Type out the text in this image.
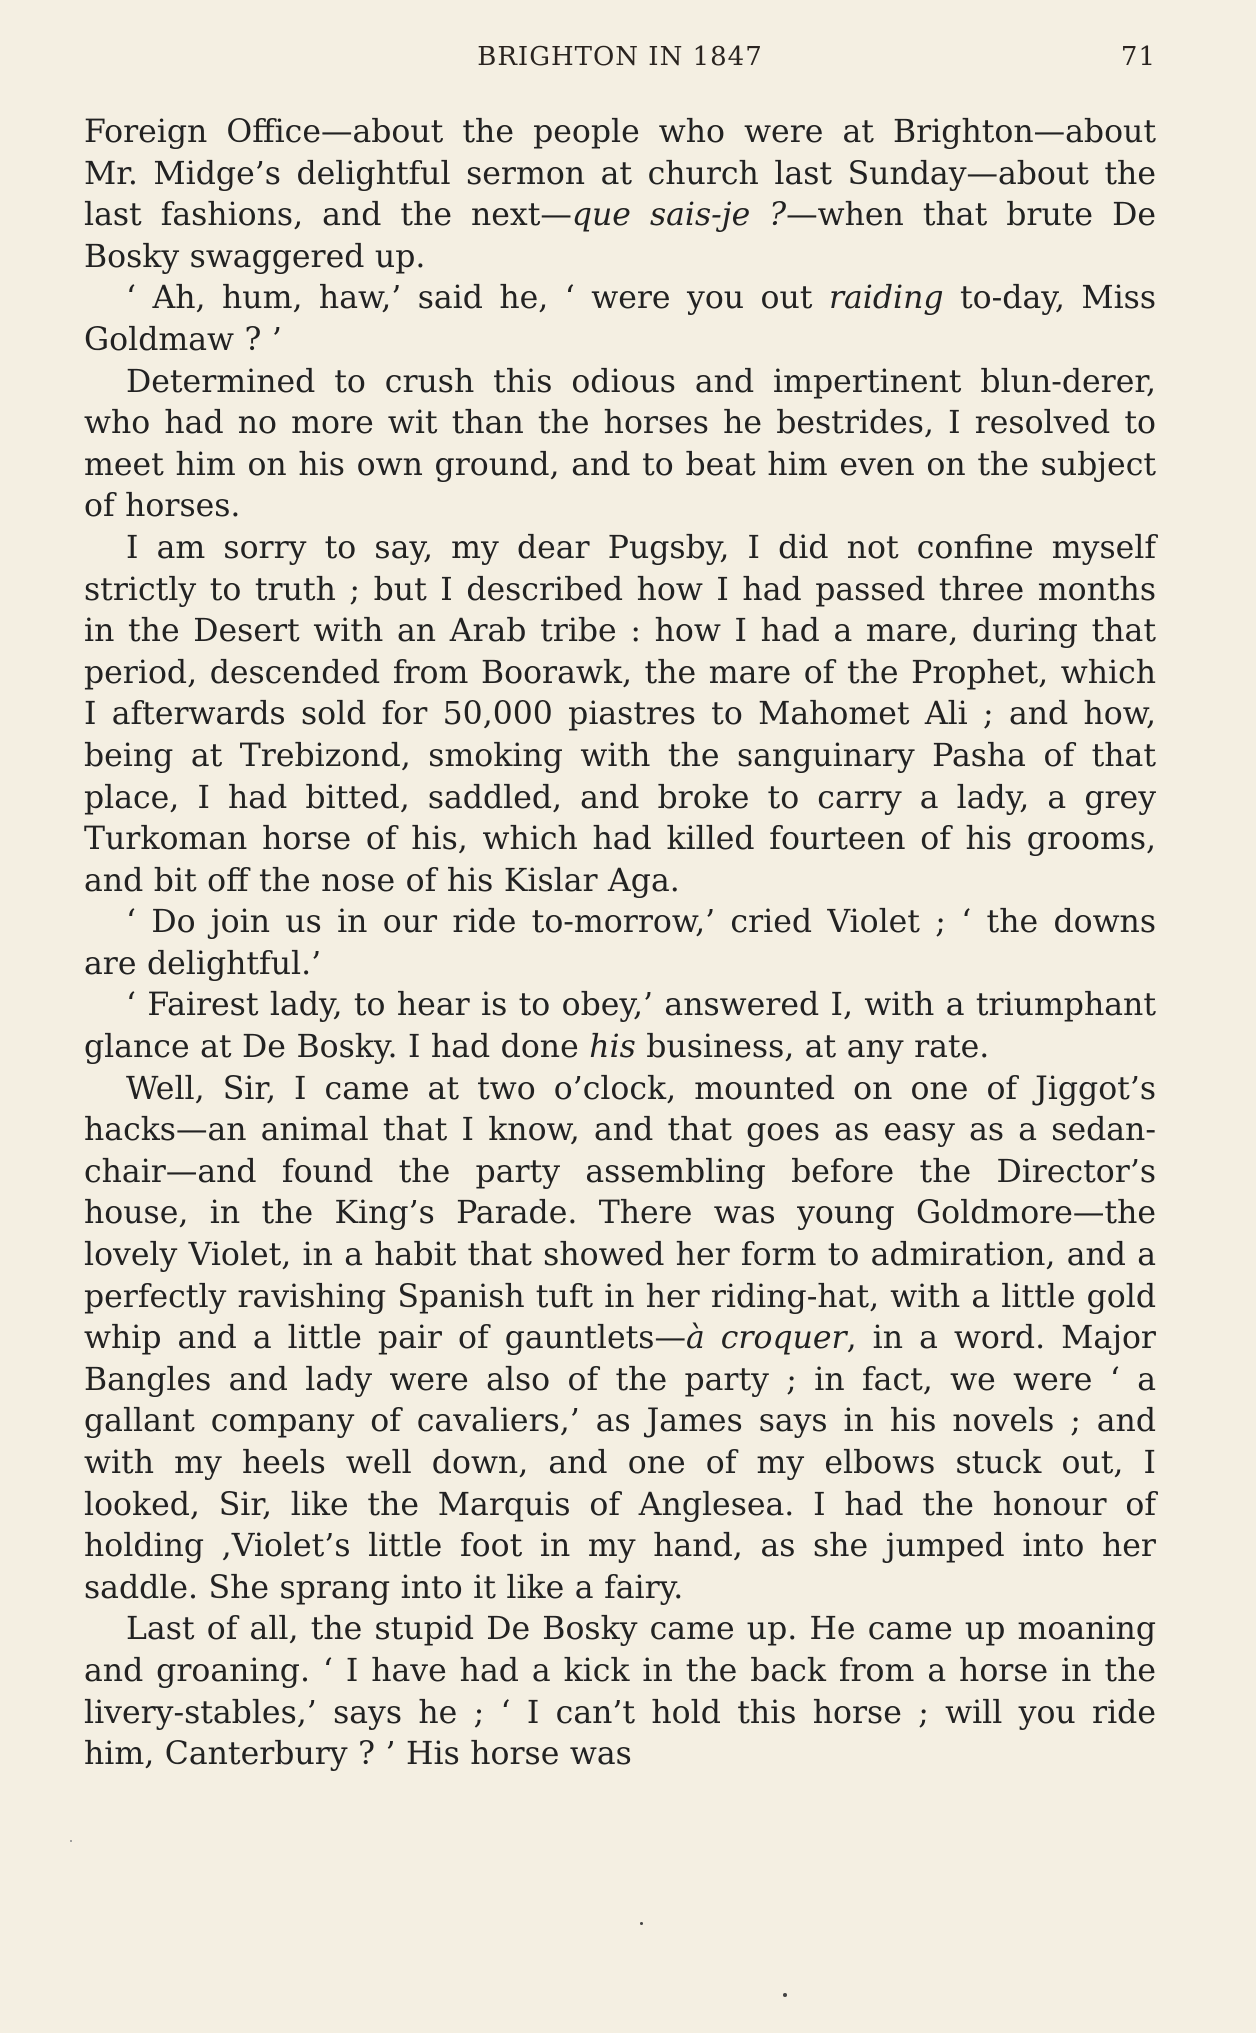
BRIGHTON IN 1847	71

Foreign Office—about the people who were at Brighton—about Mr. Midge’s delightful sermon at church last Sunday—about the last fashions, and the next—que sais-je ?—when that brute De Bosky swaggered up.

‘ Ah, hum, haw,’ said he, ‘ were you out raiding to-day, Miss Goldmaw ? ’

Determined to crush this odious and impertinent blun-derer, who had no more wit than the horses he bestrides, I resolved to meet him on his own ground, and to beat him even on the subject of horses.

I am sorry to say, my dear Pugsby, I did not confine myself strictly to truth ; but I described how I had passed three months in the Desert with an Arab tribe : how I had a mare, during that period, descended from Boorawk, the mare of the Prophet, which I afterwards sold for 50,000 piastres to Mahomet Ali ; and how, being at Trebizond, smoking with the sanguinary Pasha of that place, I had bitted, saddled, and broke to carry a lady, a grey Turkoman horse of his, which had killed fourteen of his grooms, and bit off the nose of his Kislar Aga.

‘ Do join us in our ride to-morrow,’ cried Violet ; ‘ the downs are delightful.’

‘ Fairest lady, to hear is to obey,’ answered I, with a triumphant glance at De Bosky. I had done his business, at any rate.

Well, Sir, I came at two o’clock, mounted on one of Jiggot’s hacks—an animal that I know, and that goes as easy as a sedan-chair—and found the party assembling before the Director’s house, in the King’s Parade. There was young Goldmore—the lovely Violet, in a habit that showed her form to admiration, and a perfectly ravishing Spanish tuft in her riding-hat, with a little gold whip and a little pair of gauntlets—à croquer, in a word. Major Bangles and lady were also of the party ; in fact, we were ‘ a gallant company of cavaliers,’ as James says in his novels ; and with my heels well down, and one of my elbows stuck out, I looked, Sir, like the Marquis of Anglesea. I had the honour of holding ,Violet’s little foot in my hand, as she jumped into her saddle. She sprang into it like a fairy.

Last of all, the stupid De Bosky came up. He came up moaning and groaning. ‘ I have had a kick in the back from a horse in the livery-stables,’ says he ; ‘ I can’t hold this horse ; will you ride him, Canterbury ? ’ His horse was
